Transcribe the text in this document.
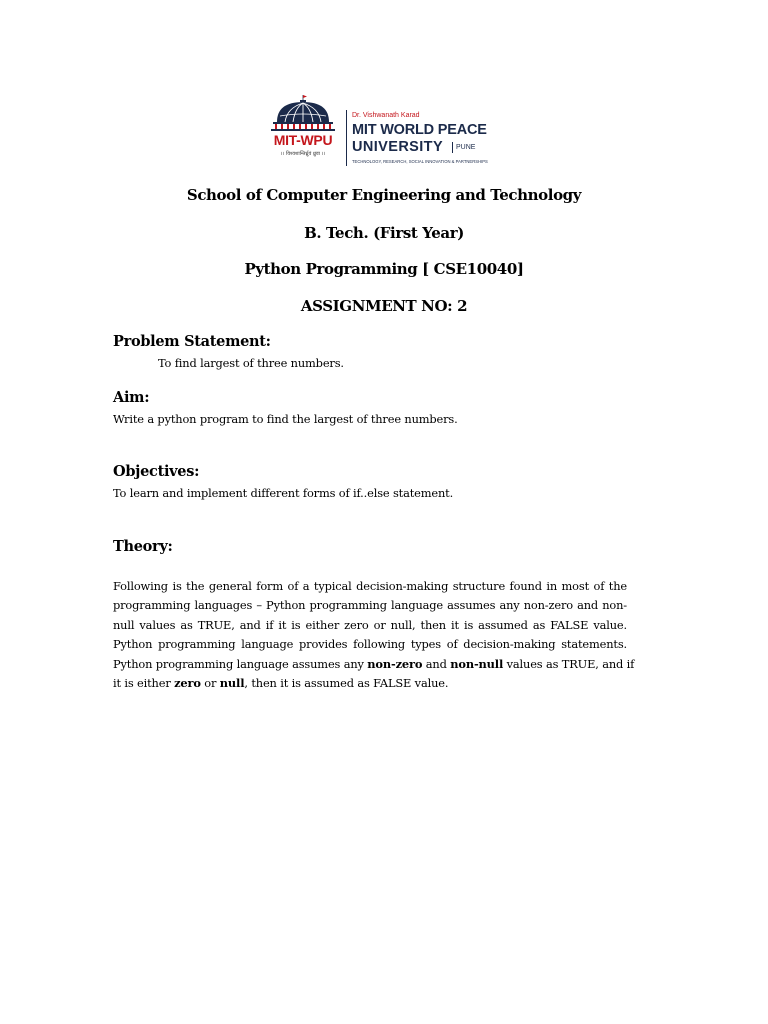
MIT-WPU
।। विश्वशान्तिर्ध्रुवं ध्रुवा ।।
Dr. Vishwanath Karad
MIT WORLD PEACE
UNIVERSITY PUNE
TECHNOLOGY, RESEARCH, SOCIAL INNOVATION & PARTNERSHIPS

School of Computer Engineering and Technology

B. Tech. (First Year)

Python Programming [ CSE10040]

ASSIGNMENT NO: 2

Problem Statement:

To find largest of three numbers.

Aim:

Write a python program to find the largest of three numbers.

Objectives:

To learn and implement different forms of if..else statement.

Theory:

Following is the general form of a typical decision-making structure found in most of the
programming languages – Python programming language assumes any non-zero and non-
null values as TRUE, and if it is either zero or null, then it is assumed as FALSE value.
Python programming language provides following types of decision-making statements.
Python programming language assumes any non-zero and non-null values as TRUE, and if
it is either zero or null, then it is assumed as FALSE value.
